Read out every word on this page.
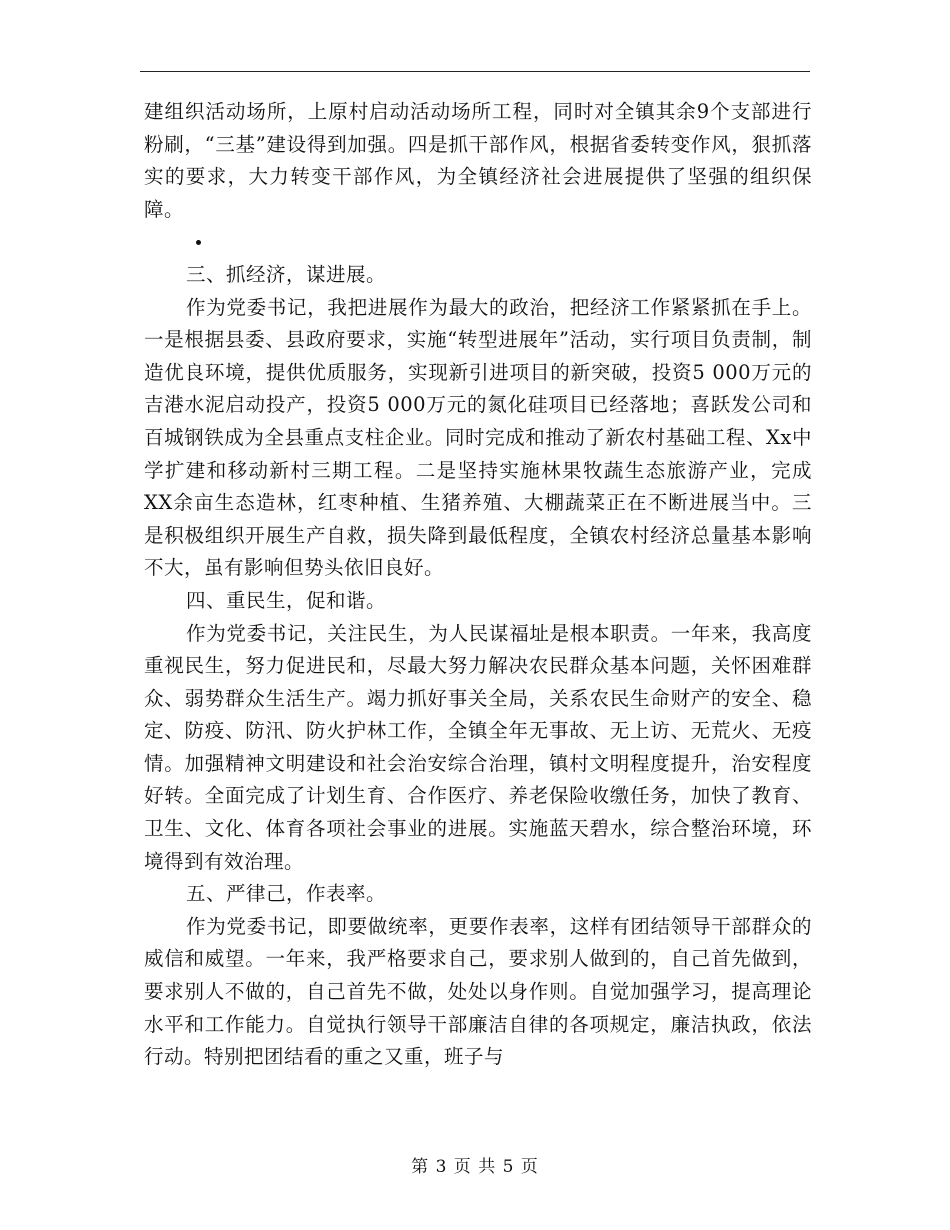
建组织活动场所，上原村启动活动场所工程，同时对全镇其余9个支部进行粉刷，“三基”建设得到加强。四是抓干部作风，根据省委转变作风，狠抓落实的要求，大力转变干部作风，为全镇经济社会进展提供了坚强的组织保障。

三、抓经济，谋进展。

作为党委书记，我把进展作为最大的政治，把经济工作紧紧抓在手上。一是根据县委、县政府要求，实施“转型进展年”活动，实行项目负责制，制造优良环境，提供优质服务，实现新引进项目的新突破，投资5 000万元的吉港水泥启动投产，投资5 000万元的氮化硅项目已经落地；喜跃发公司和百城钢铁成为全县重点支柱企业。同时完成和推动了新农村基础工程、Xx中学扩建和移动新村三期工程。二是坚持实施林果牧蔬生态旅游产业，完成XX余亩生态造林，红枣种植、生猪养殖、大棚蔬菜正在不断进展当中。三是积极组织开展生产自救，损失降到最低程度，全镇农村经济总量基本影响不大，虽有影响但势头依旧良好。

四、重民生，促和谐。

作为党委书记，关注民生，为人民谋福址是根本职责。一年来，我高度重视民生，努力促进民和，尽最大努力解决农民群众基本问题，关怀困难群众、弱势群众生活生产。竭力抓好事关全局，关系农民生命财产的安全、稳定、防疫、防汛、防火护林工作，全镇全年无事故、无上访、无荒火、无疫情。加强精神文明建设和社会治安综合治理，镇村文明程度提升，治安程度好转。全面完成了计划生育、合作医疗、养老保险收缴任务，加快了教育、卫生、文化、体育各项社会事业的进展。实施蓝天碧水，综合整治环境，环境得到有效治理。

五、严律己，作表率。

作为党委书记，即要做统率，更要作表率，这样有团结领导干部群众的威信和威望。一年来，我严格要求自己，要求别人做到的，自己首先做到，要求别人不做的，自己首先不做，处处以身作则。自觉加强学习，提高理论水平和工作能力。自觉执行领导干部廉洁自律的各项规定，廉洁执政，依法行动。特别把团结看的重之又重，班子与

第 3 页 共 5 页
